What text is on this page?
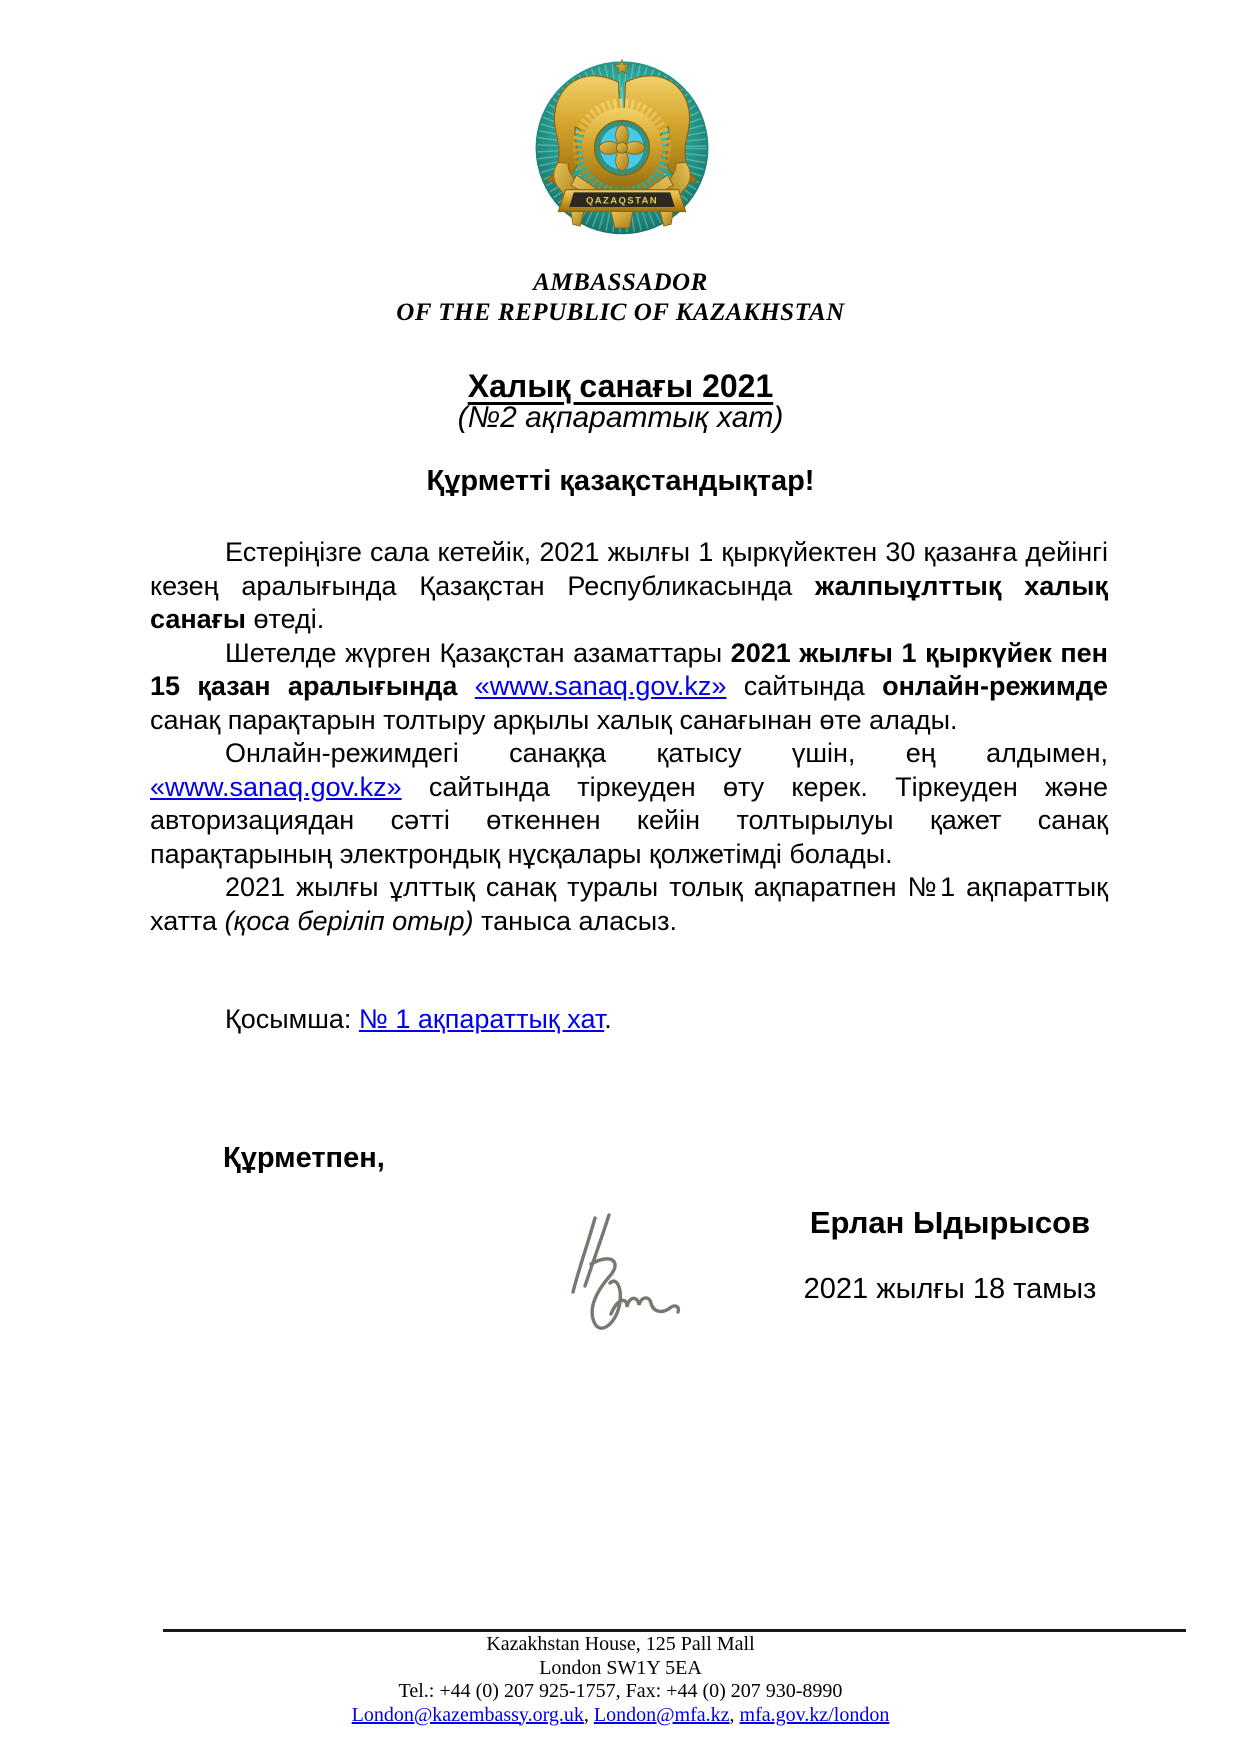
QAZAQSTAN
AMBASSADOR
OF THE REPUBLIC OF KAZAKHSTAN
Халық санағы 2021
(№2 ақпараттық хат)
Құрметті қазақстандықтар!

Естеріңізге сала кетейік, 2021 жылғы 1 қыркүйектен 30 қазанға дейінгі кезең аралығында Қазақстан Республикасында жалпыұлттық халық санағы өтеді.

Шетелде жүрген Қазақстан азаматтары 2021 жылғы 1 қыркүйек пен 15 қазан аралығында «www.sanaq.gov.kz» сайтында онлайн-режимде санақ парақтарын толтыру арқылы халық санағынан өте алады.

Онлайн-режимдегі санаққа қатысу үшін, ең алдымен, «www.sanaq.gov.kz» сайтында тіркеуден өту керек. Тіркеуден және авторизациядан сәтті өткеннен кейін толтырылуы қажет санақ парақтарының электрондық нұсқалары қолжетімді болады.

2021 жылғы ұлттық санақ туралы толық ақпаратпен №1 ақпараттық хатта (қоса беріліп отыр) таныса аласыз.

Қосымша: № 1 ақпараттық хат.
Құрметпен,
Ерлан Ыдырысов
2021 жылғы 18 тамыз
Kazakhstan House, 125 Pall Mall
London SW1Y 5EA
Tel.: +44 (0) 207 925-1757, Fax: +44 (0) 207 930-8990
London@kazembassy.org.uk, London@mfa.kz, mfa.gov.kz/london
